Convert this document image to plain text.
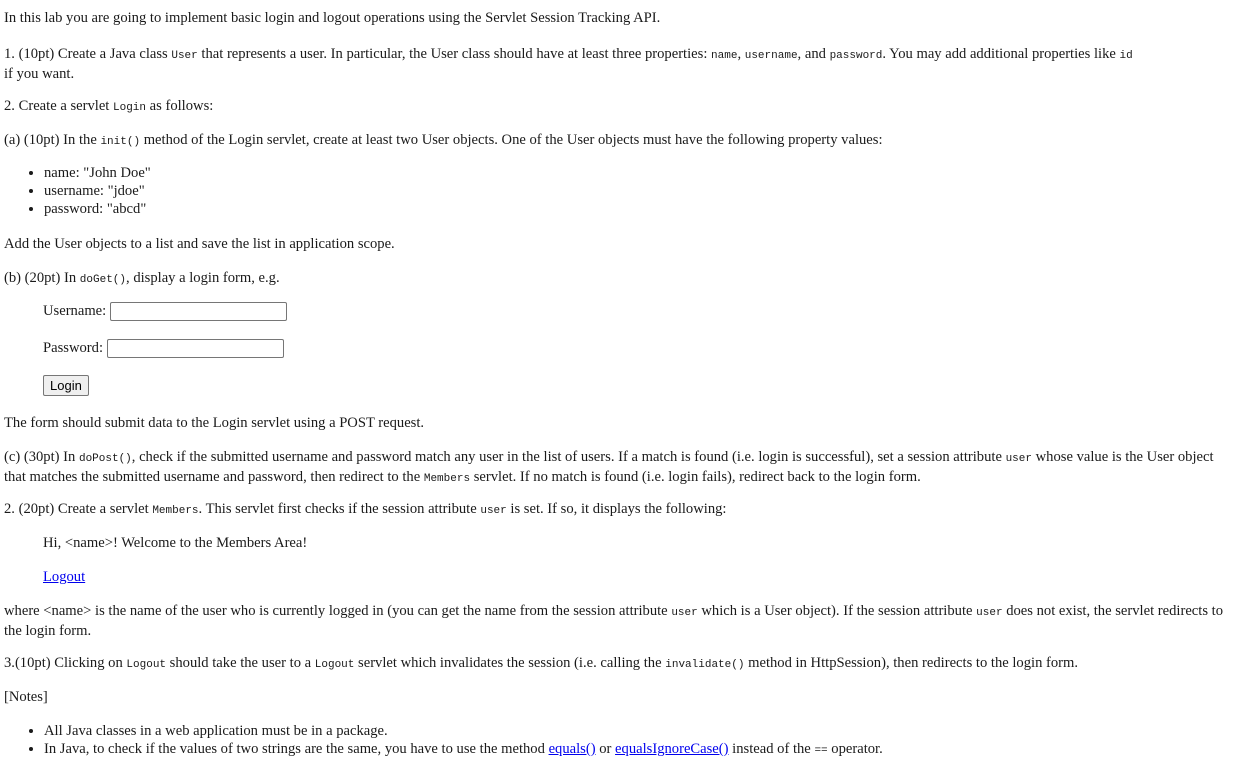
In this lab you are going to implement basic login and logout operations using the Servlet Session Tracking API.

1. (10pt) Create a Java class User that represents a user. In particular, the User class should have at least three properties: name, username, and password. You may add additional properties like id
if you want.

2. Create a servlet Login as follows:

(a) (10pt) In the init() method of the Login servlet, create at least two User objects. One of the User objects must have the following property values:

• name: "John Doe"
• username: "jdoe"
• password: "abcd"

Add the User objects to a list and save the list in application scope.

(b) (20pt) In doGet(), display a login form, e.g.

Username:
Password:
Login

The form should submit data to the Login servlet using a POST request.

(c) (30pt) In doPost(), check if the submitted username and password match any user in the list of users. If a match is found (i.e. login is successful), set a session attribute user whose value is the User object that matches the submitted username and password, then redirect to the Members servlet. If no match is found (i.e. login fails), redirect back to the login form.

2. (20pt) Create a servlet Members. This servlet first checks if the session attribute user is set. If so, it displays the following:

Hi, <name>! Welcome to the Members Area!

Logout

where <name> is the name of the user who is currently logged in (you can get the name from the session attribute user which is a User object). If the session attribute user does not exist, the servlet redirects to the login form.

3.(10pt) Clicking on Logout should take the user to a Logout servlet which invalidates the session (i.e. calling the invalidate() method in HttpSession), then redirects to the login form.

[Notes]

• All Java classes in a web application must be in a package.
• In Java, to check if the values of two strings are the same, you have to use the method equals() or equalsIgnoreCase() instead of the == operator.
